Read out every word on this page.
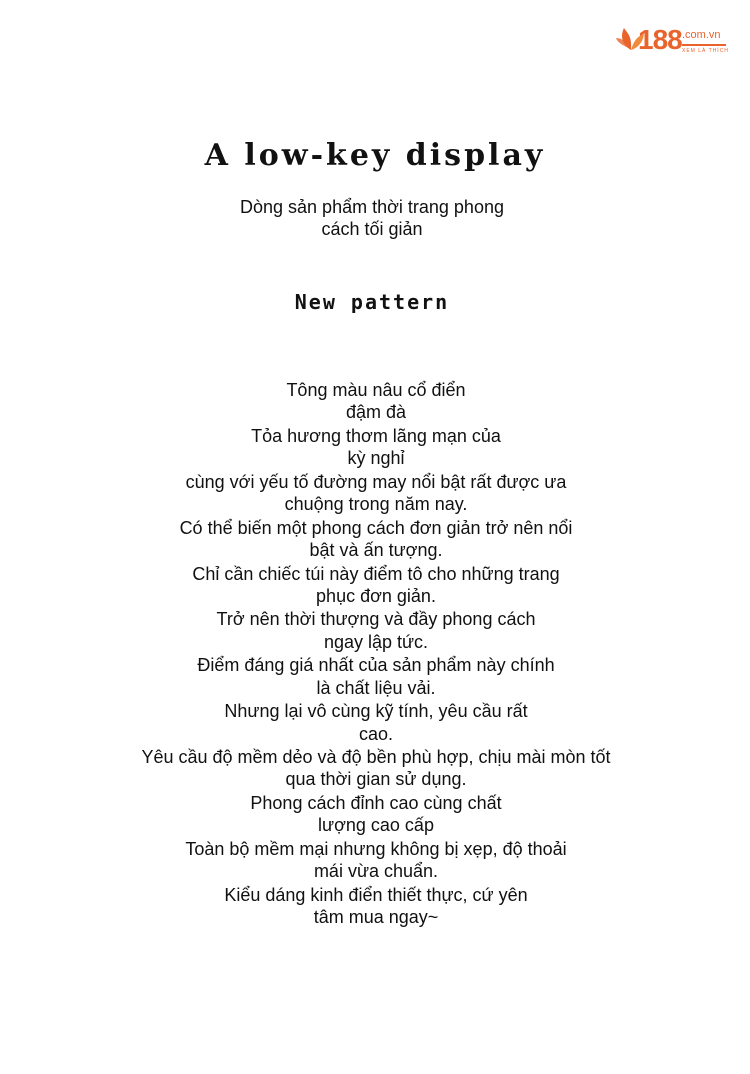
188 .com.vn
XEM LÀ THÍCH
A low-key display
Dòng sản phẩm thời trang phong
cách tối giản
New pattern
Tông màu nâu cổ điển
đậm đà
Tỏa hương thơm lãng mạn của
kỳ nghỉ
cùng với yếu tố đường may nổi bật rất được ưa
chuộng trong năm nay.
Có thể biến một phong cách đơn giản trở nên nổi
bật và ấn tượng.
Chỉ cần chiếc túi này điểm tô cho những trang
phục đơn giản.
Trở nên thời thượng và đầy phong cách
ngay lập tức.
Điểm đáng giá nhất của sản phẩm này chính
là chất liệu vải.
Nhưng lại vô cùng kỹ tính, yêu cầu rất
cao.
Yêu cầu độ mềm dẻo và độ bền phù hợp, chịu mài mòn tốt
qua thời gian sử dụng.
Phong cách đỉnh cao cùng chất
lượng cao cấp
Toàn bộ mềm mại nhưng không bị xẹp, độ thoải
mái vừa chuẩn.
Kiểu dáng kinh điển thiết thực, cứ yên
tâm mua ngay~
